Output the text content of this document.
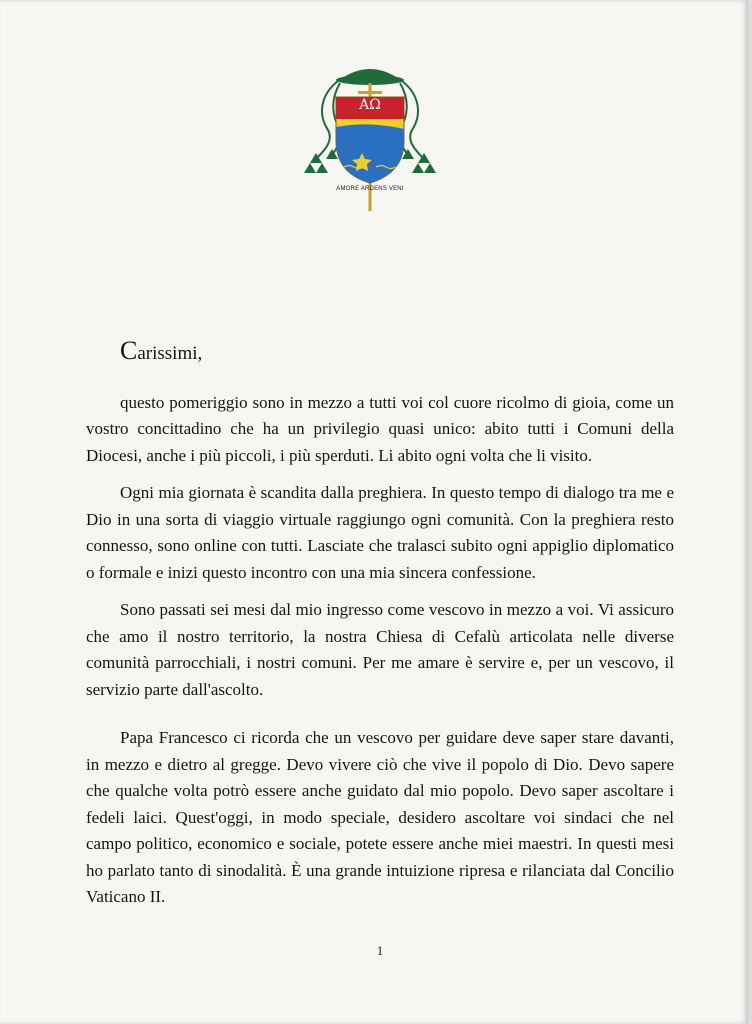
AΩ
AMORE ARDENS VENI
Carissimi,

questo pomeriggio sono in mezzo a tutti voi col cuore ricolmo di gioia, come un vostro concittadino che ha un privilegio quasi unico: abito tutti i Comuni della Diocesi, anche i più piccoli, i più sperduti. Li abito ogni volta che li visito.

Ogni mia giornata è scandita dalla preghiera. In questo tempo di dialogo tra me e Dio in una sorta di viaggio virtuale raggiungo ogni comunità. Con la preghiera resto connesso, sono online con tutti. Lasciate che tralasci subito ogni appiglio diplomatico o formale e inizi questo incontro con una mia sincera confessione.

Sono passati sei mesi dal mio ingresso come vescovo in mezzo a voi. Vi assicuro che amo il nostro territorio, la nostra Chiesa di Cefalù articolata nelle diverse comunità parrocchiali, i nostri comuni. Per me amare è servire e, per un vescovo, il servizio parte dall'ascolto.

Papa Francesco ci ricorda che un vescovo per guidare deve saper stare davanti, in mezzo e dietro al gregge. Devo vivere ciò che vive il popolo di Dio. Devo sapere che qualche volta potrò essere anche guidato dal mio popolo. Devo saper ascoltare i fedeli laici. Quest'oggi, in modo speciale, desidero ascoltare voi sindaci che nel campo politico, economico e sociale, potete essere anche miei maestri. In questi mesi ho parlato tanto di sinodalità. È una grande intuizione ripresa e rilanciata dal Concilio Vaticano II.

1
